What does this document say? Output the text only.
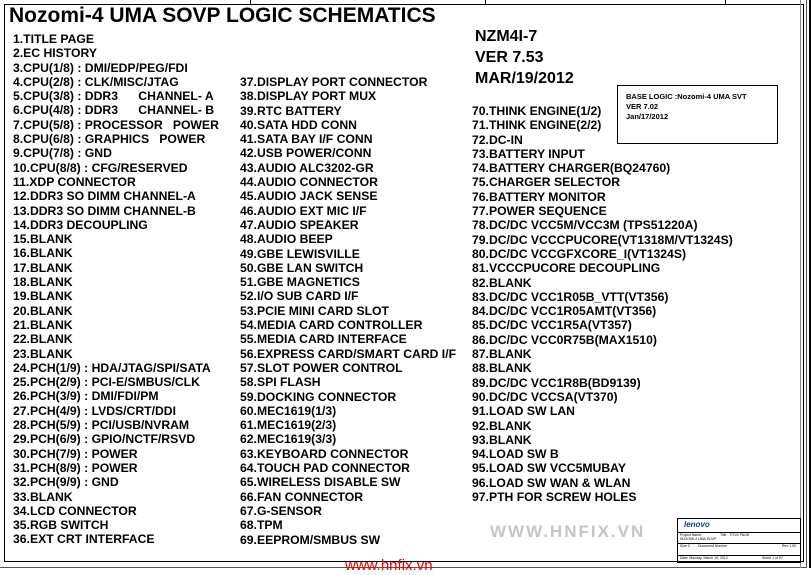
Nozomi-4 UMA SOVP LOGIC SCHEMATICS
1.TITLE PAGE
2.EC HISTORY
3.CPU(1/8) : DMI/EDP/PEG/FDI
4.CPU(2/8) : CLK/MISC/JTAG
5.CPU(3/8) : DDR3      CHANNEL- A
6.CPU(4/8) : DDR3      CHANNEL- B
7.CPU(5/8) : PROCESSOR   POWER
8.CPU(6/8) : GRAPHICS   POWER
9.CPU(7/8) : GND
10.CPU(8/8) : CFG/RESERVED
11.XDP CONNECTOR
12.DDR3 SO DIMM CHANNEL-A
13.DDR3 SO DIMM CHANNEL-B
14.DDR3 DECOUPLING
15.BLANK
16.BLANK
17.BLANK
18.BLANK
19.BLANK
20.BLANK
21.BLANK
22.BLANK
23.BLANK
24.PCH(1/9) : HDA/JTAG/SPI/SATA
25.PCH(2/9) : PCI-E/SMBUS/CLK
26.PCH(3/9) : DMI/FDI/PM
27.PCH(4/9) : LVDS/CRT/DDI
28.PCH(5/9) : PCI/USB/NVRAM
29.PCH(6/9) : GPIO/NCTF/RSVD
30.PCH(7/9) : POWER
31.PCH(8/9) : POWER
32.PCH(9/9) : GND
33.BLANK
34.LCD CONNECTOR
35.RGB SWITCH
36.EXT CRT INTERFACE
37.DISPLAY PORT CONNECTOR
38.DISPLAY PORT MUX
39.RTC BATTERY
40.SATA HDD CONN
41.SATA BAY I/F CONN
42.USB POWER/CONN
43.AUDIO ALC3202-GR
44.AUDIO CONNECTOR
45.AUDIO JACK SENSE
46.AUDIO EXT MIC I/F
47.AUDIO SPEAKER
48.AUDIO BEEP
49.GBE LEWISVILLE
50.GBE LAN SWITCH
51.GBE MAGNETICS
52.I/O SUB CARD I/F
53.PCIE MINI CARD SLOT
54.MEDIA CARD CONTROLLER
55.MEDIA CARD INTERFACE
56.EXPRESS CARD/SMART CARD I/F
57.SLOT POWER CONTROL
58.SPI FLASH
59.DOCKING CONNECTOR
60.MEC1619(1/3)
61.MEC1619(2/3)
62.MEC1619(3/3)
63.KEYBOARD CONNECTOR
64.TOUCH PAD CONNECTOR
65.WIRELESS DISABLE SW
66.FAN CONNECTOR
67.G-SENSOR
68.TPM
69.EEPROM/SMBUS SW
70.THINK ENGINE(1/2)
71.THINK ENGINE(2/2)
72.DC-IN
73.BATTERY INPUT
74.BATTERY CHARGER(BQ24760)
75.CHARGER SELECTOR
76.BATTERY MONITOR
77.POWER SEQUENCE
78.DC/DC VCC5M/VCC3M (TPS51220A)
79.DC/DC VCCCPUCORE(VT1318M/VT1324S)
80.DC/DC VCCGFXCORE_I(VT1324S)
81.VCCCPUCORE DECOUPLING
82.BLANK
83.DC/DC VCC1R05B_VTT(VT356)
84.DC/DC VCC1R05AMT(VT356)
85.DC/DC VCC1R5A(VT357)
86.DC/DC VCC0R75B(MAX1510)
87.BLANK
88.BLANK
89.DC/DC VCC1R8B(BD9139)
90.DC/DC VCCSA(VT370)
91.LOAD SW LAN
92.BLANK
93.BLANK
94.LOAD SW B
95.LOAD SW VCC5MUBAY
96.LOAD SW WAN & WLAN
97.PTH FOR SCREW HOLES
NZM4I-7
VER 7.53
MAR/19/2012
BASE LOGIC :Nozomi-4 UMA SVT
VER 7.02
Jan/17/2012
WWW.HNFIX.VN	lenovo
Project Name: NOZOMI-4 UMA SOVP
Title : TITLE PAGE
Size C Document Number	Rev 1.00
Date: Monday, March 19, 2012	Sheet 1 of 97
www.hnfix.vn
